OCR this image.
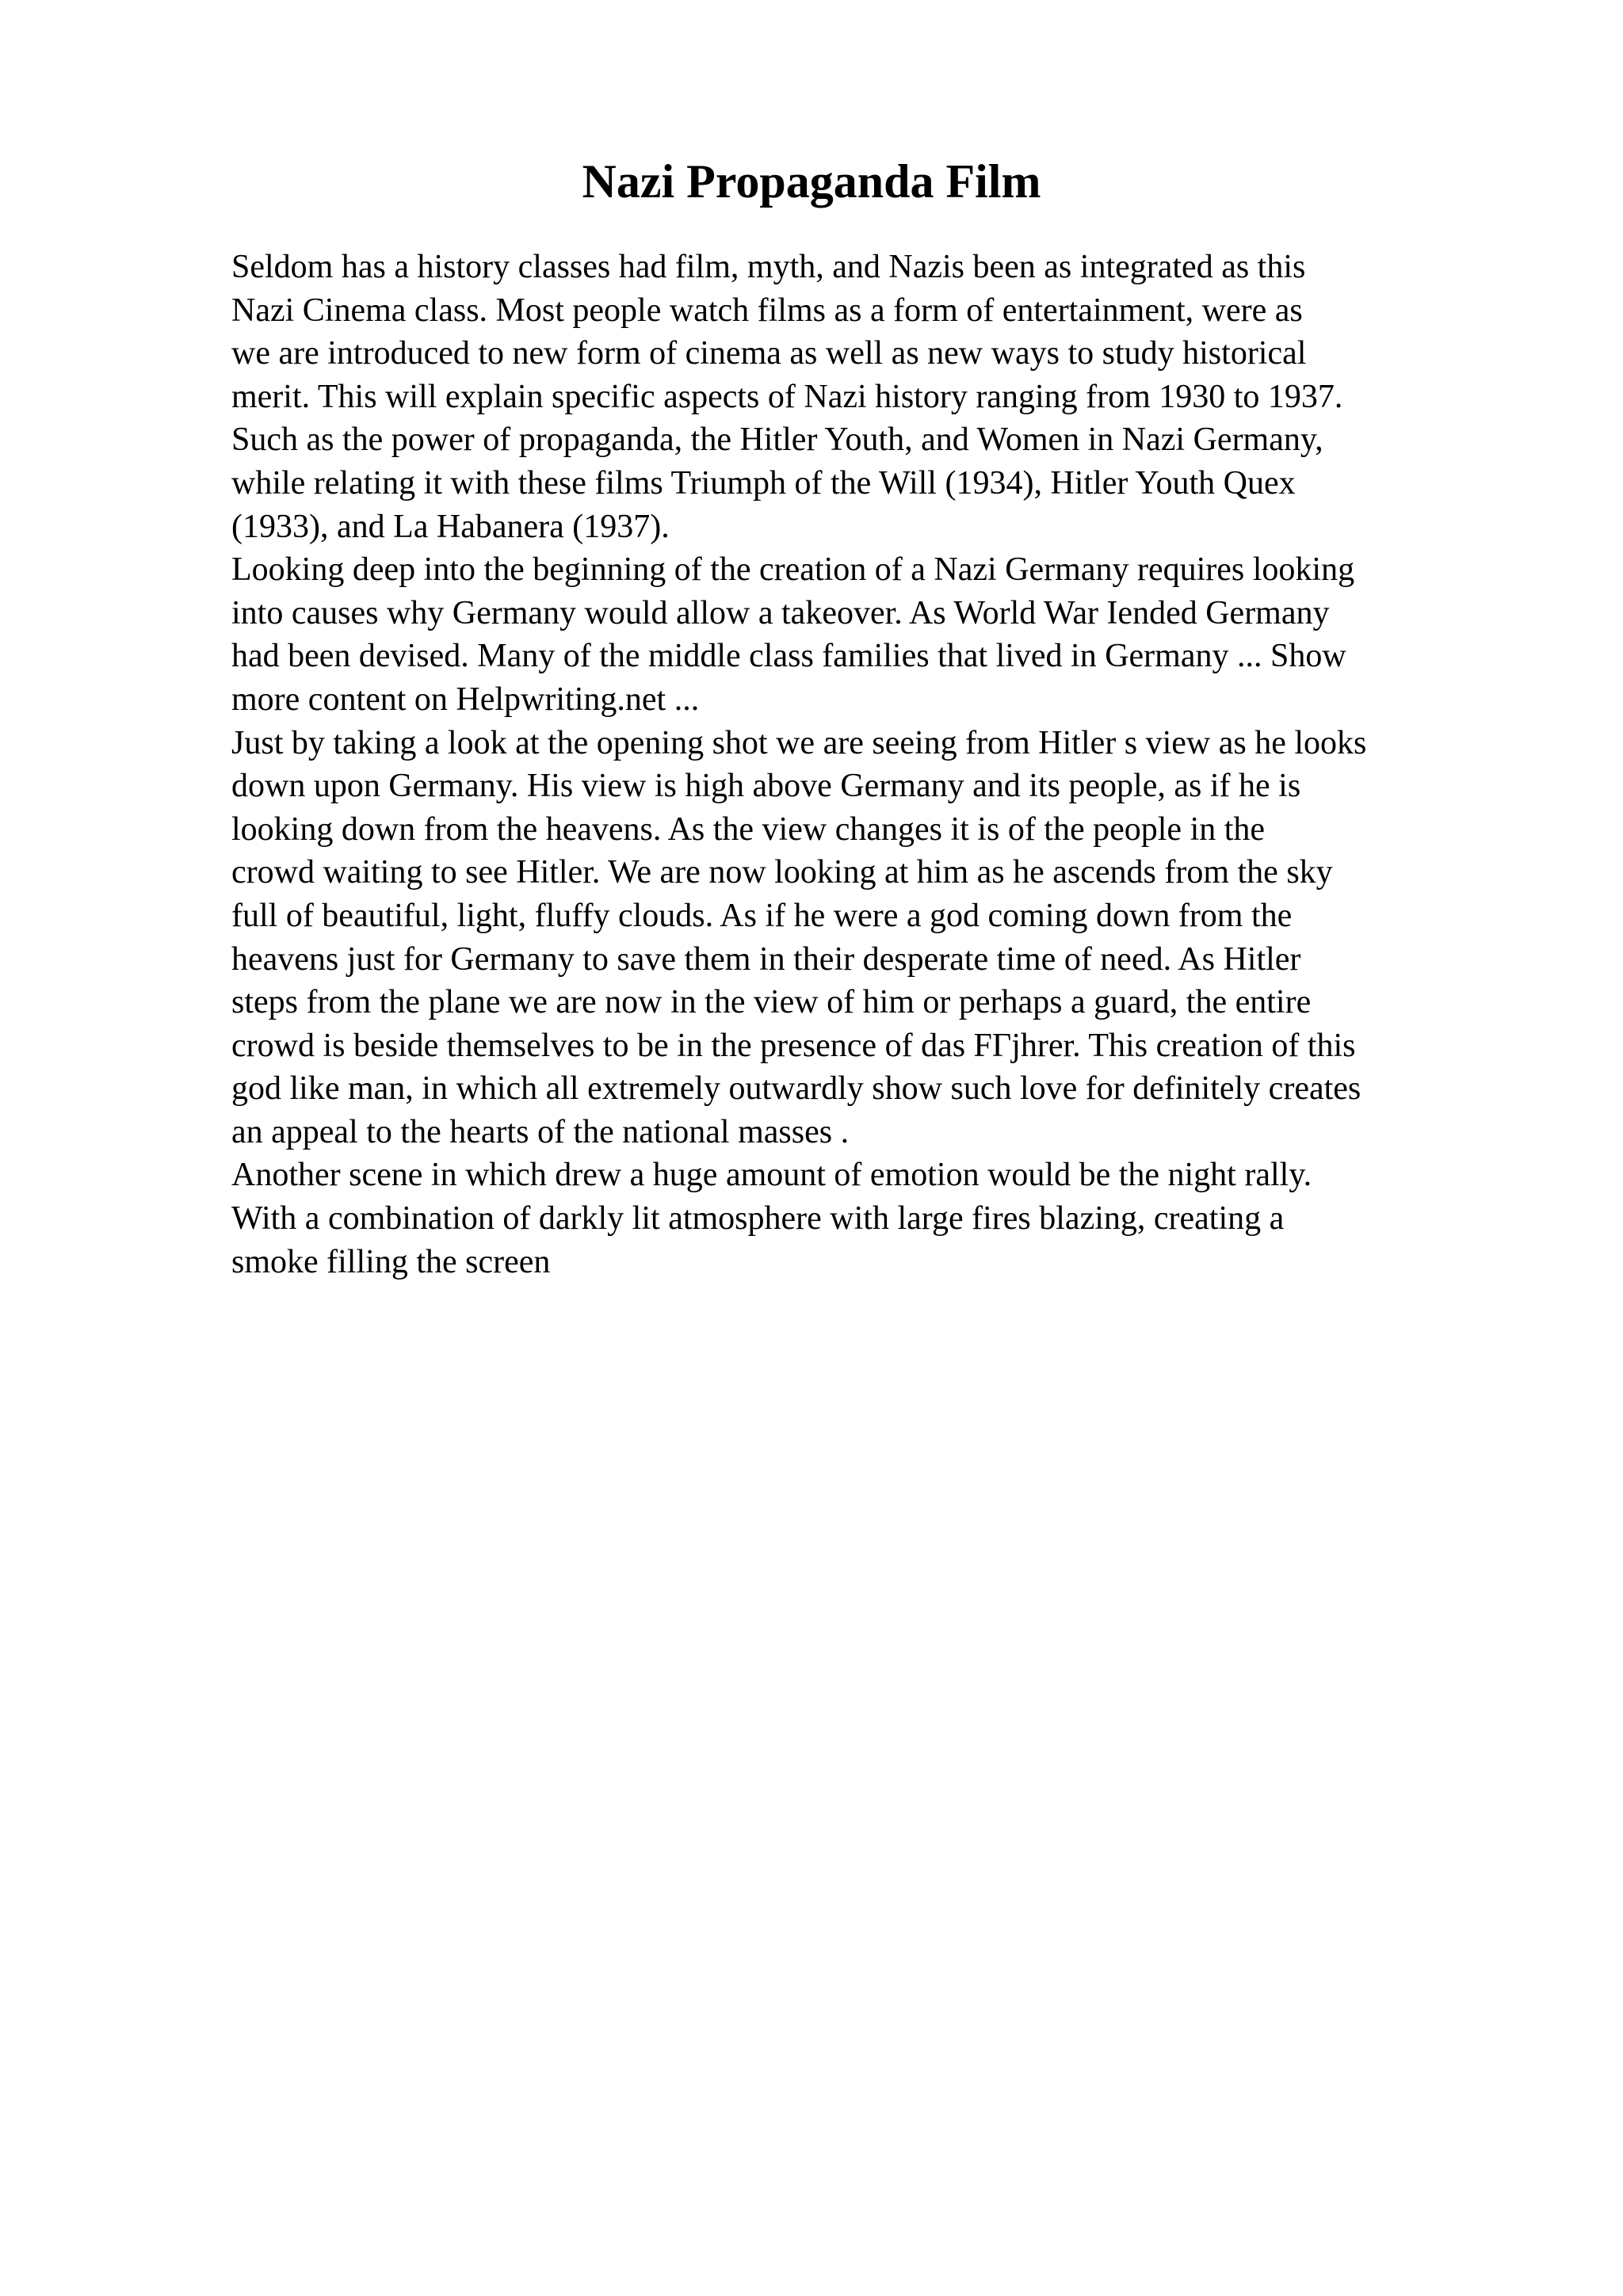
Nazi Propaganda Film
Seldom has a history classes had film, myth, and Nazis been as integrated as this
Nazi Cinema class. Most people watch films as a form of entertainment, were as
we are introduced to new form of cinema as well as new ways to study historical
merit. This will explain specific aspects of Nazi history ranging from 1930 to 1937.
Such as the power of propaganda, the Hitler Youth, and Women in Nazi Germany,
while relating it with these films Triumph of the Will (1934), Hitler Youth Quex
(1933), and La Habanera (1937).
Looking deep into the beginning of the creation of a Nazi Germany requires looking
into causes why Germany would allow a takeover. As World War Iended Germany
had been devised. Many of the middle class families that lived in Germany ... Show
more content on Helpwriting.net ...
Just by taking a look at the opening shot we are seeing from Hitler s view as he looks
down upon Germany. His view is high above Germany and its people, as if he is
looking down from the heavens. As the view changes it is of the people in the
crowd waiting to see Hitler. We are now looking at him as he ascends from the sky
full of beautiful, light, fluffy clouds. As if he were a god coming down from the
heavens just for Germany to save them in their desperate time of need. As Hitler
steps from the plane we are now in the view of him or perhaps a guard, the entire
crowd is beside themselves to be in the presence of das FΓjhrer. This creation of this
god like man, in which all extremely outwardly show such love for definitely creates
an appeal to the hearts of the national masses .
Another scene in which drew a huge amount of emotion would be the night rally.
With a combination of darkly lit atmosphere with large fires blazing, creating a
smoke filling the screen
